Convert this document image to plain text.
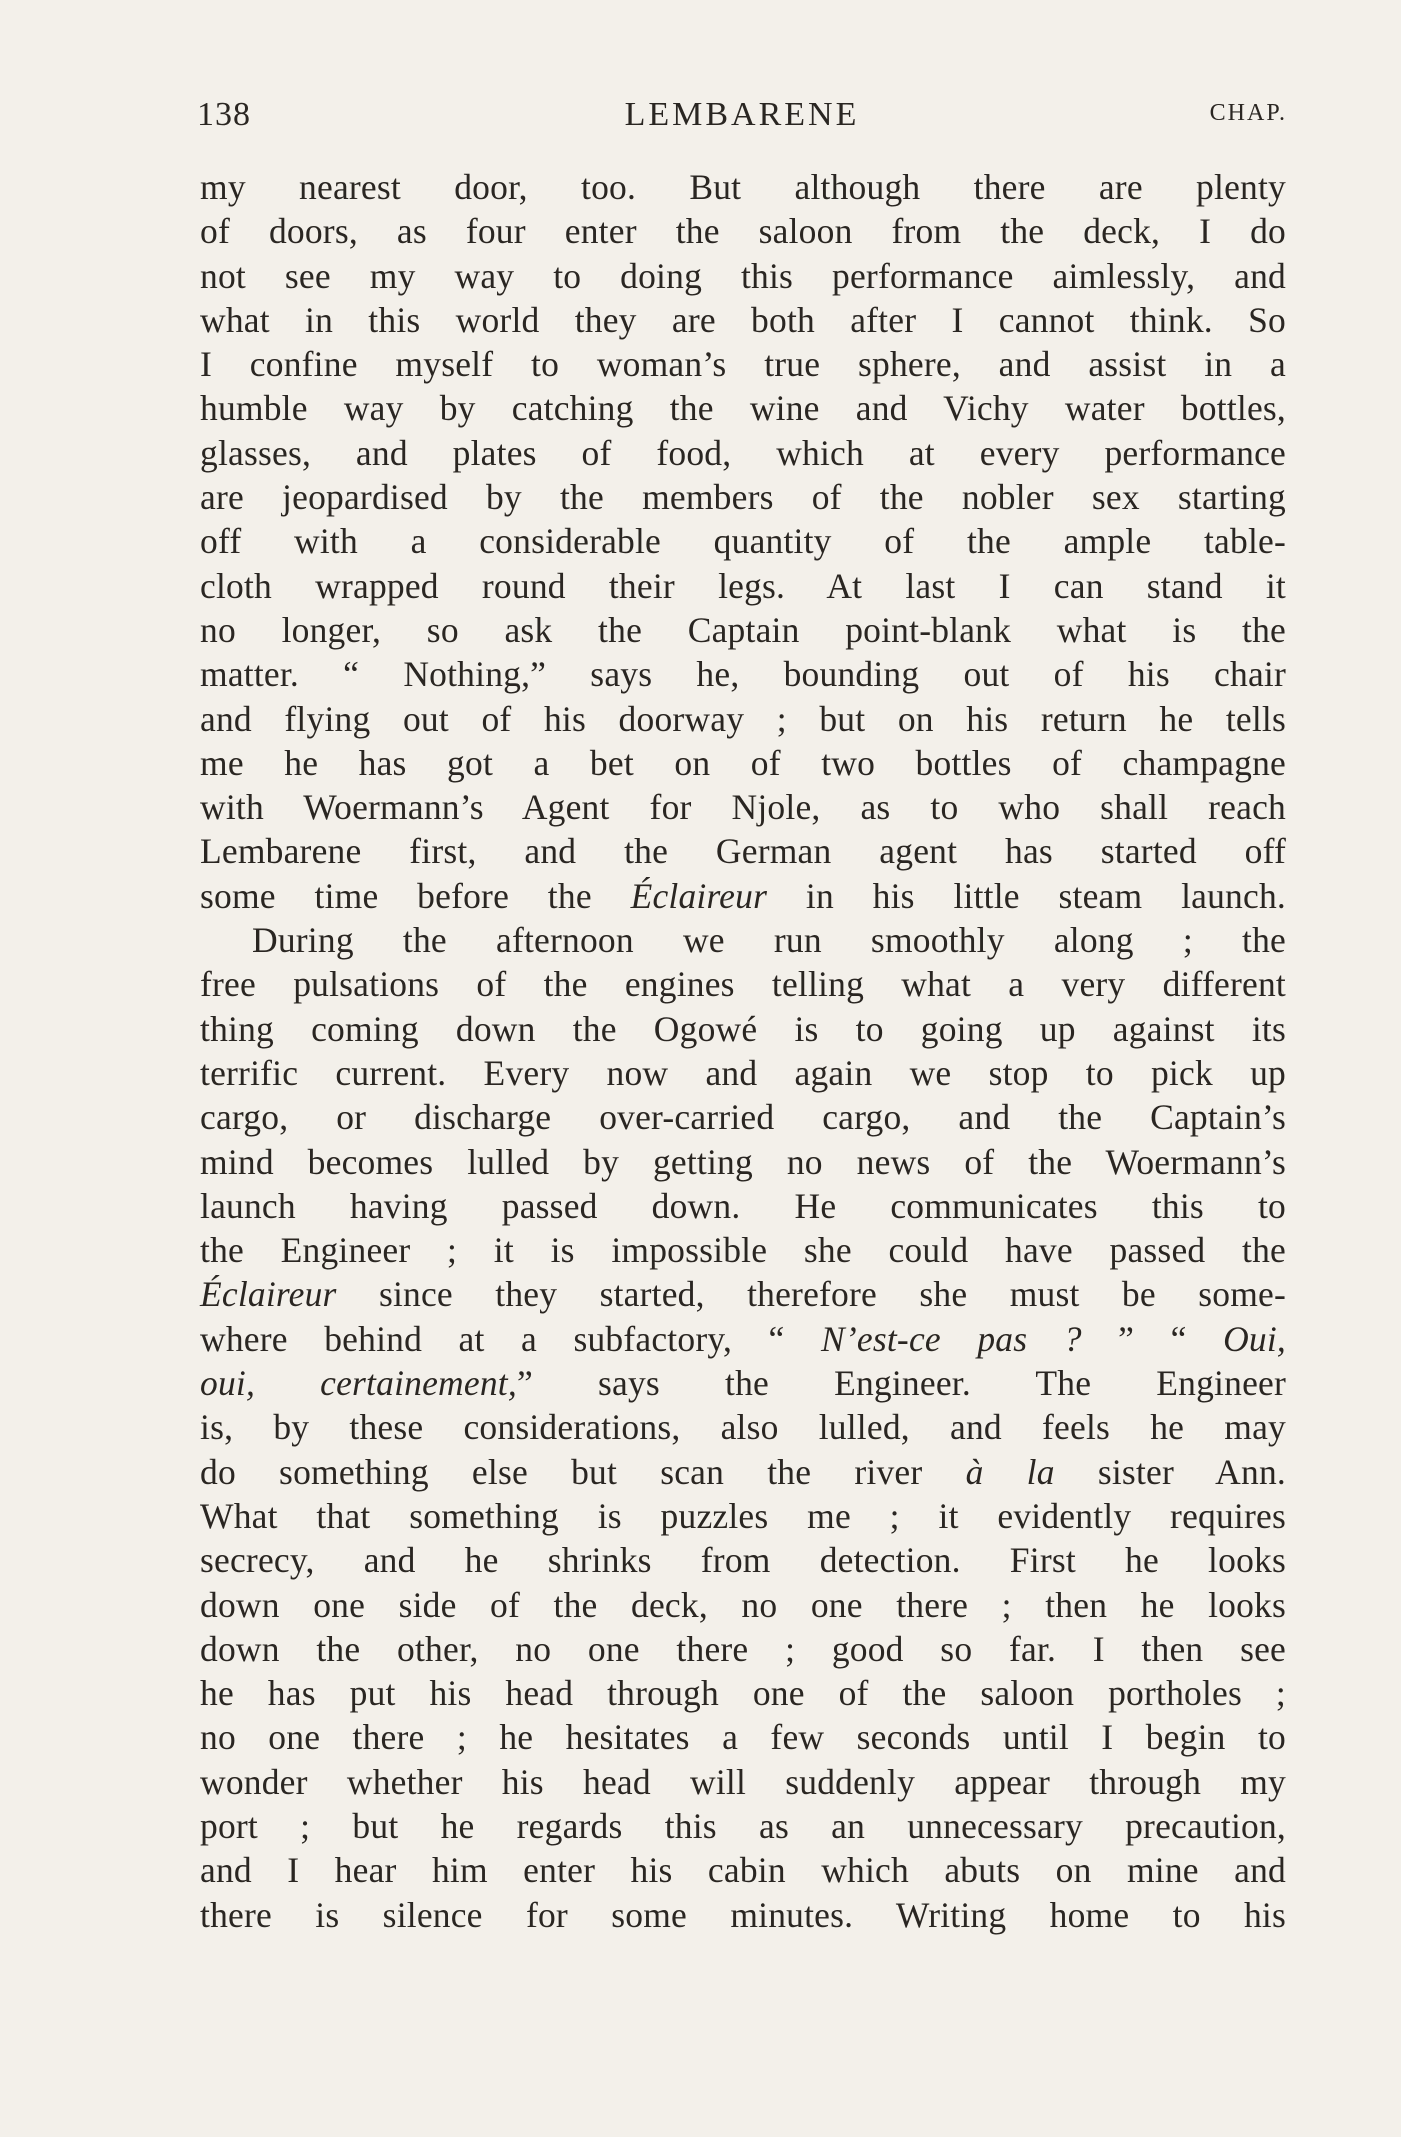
138	LEMBARENE	CHAP.
my nearest door, too. But although there are plenty
of doors, as four enter the saloon from the deck, I do
not see my way to doing this performance aimlessly, and
what in this world they are both after I cannot think. So
I confine myself to woman’s true sphere, and assist in a
humble way by catching the wine and Vichy water bottles,
glasses, and plates of food, which at every performance
are jeopardised by the members of the nobler sex starting
off with a considerable quantity of the ample table-
cloth wrapped round their legs. At last I can stand it
no longer, so ask the Captain point-blank what is the
matter. “ Nothing,” says he, bounding out of his chair
and flying out of his doorway ; but on his return he tells
me he has got a bet on of two bottles of champagne
with Woermann’s Agent for Njole, as to who shall reach
Lembarene first, and the German agent has started off
some time before the Éclaireur in his little steam launch.
During the afternoon we run smoothly along ; the
free pulsations of the engines telling what a very different
thing coming down the Ogowé is to going up against its
terrific current. Every now and again we stop to pick up
cargo, or discharge over-carried cargo, and the Captain’s
mind becomes lulled by getting no news of the Woermann’s
launch having passed down. He communicates this to
the Engineer ; it is impossible she could have passed the
Éclaireur since they started, therefore she must be some-
where behind at a subfactory, “ N’est-ce pas ? ” “ Oui,
oui, certainement,” says the Engineer. The Engineer
is, by these considerations, also lulled, and feels he may
do something else but scan the river à la sister Ann.
What that something is puzzles me ; it evidently requires
secrecy, and he shrinks from detection. First he looks
down one side of the deck, no one there ; then he looks
down the other, no one there ; good so far. I then see
he has put his head through one of the saloon portholes ;
no one there ; he hesitates a few seconds until I begin to
wonder whether his head will suddenly appear through my
port ; but he regards this as an unnecessary precaution,
and I hear him enter his cabin which abuts on mine and
there is silence for some minutes. Writing home to his
